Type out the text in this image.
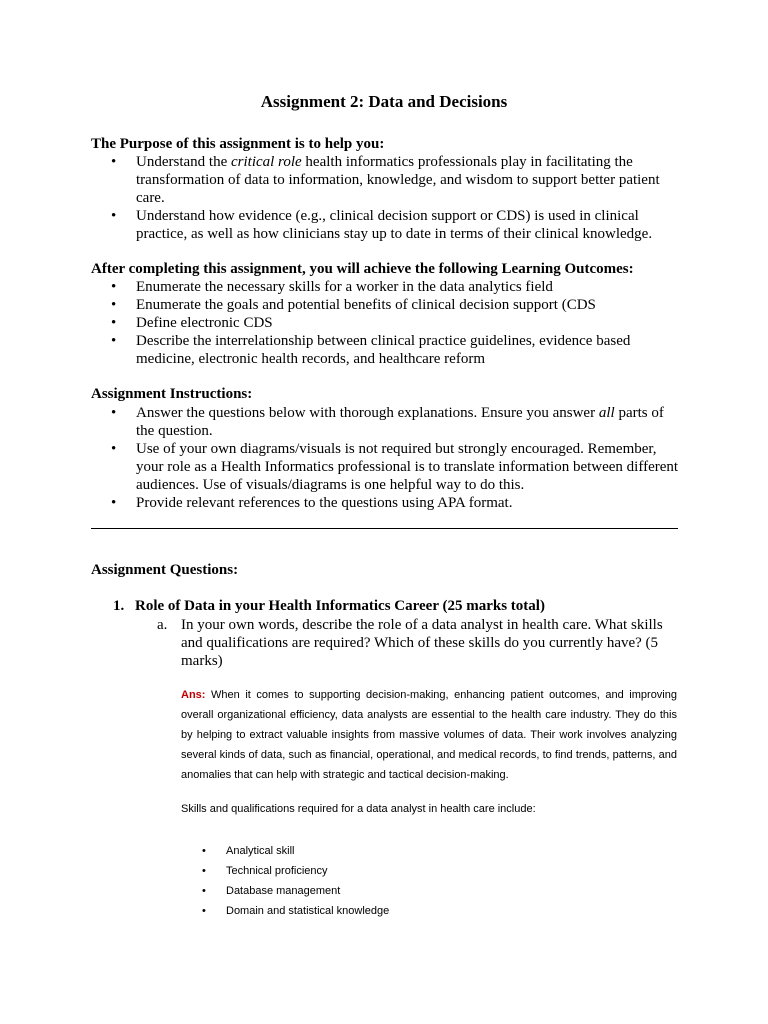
Assignment 2: Data and Decisions
The Purpose of this assignment is to help you:
• Understand the critical role health informatics professionals play in facilitating the transformation of data to information, knowledge, and wisdom to support better patient care.
• Understand how evidence (e.g., clinical decision support or CDS) is used in clinical practice, as well as how clinicians stay up to date in terms of their clinical knowledge.
After completing this assignment, you will achieve the following Learning Outcomes:
• Enumerate the necessary skills for a worker in the data analytics field
• Enumerate the goals and potential benefits of clinical decision support (CDS
• Define electronic CDS
• Describe the interrelationship between clinical practice guidelines, evidence based medicine, electronic health records, and healthcare reform
Assignment Instructions:
• Answer the questions below with thorough explanations. Ensure you answer all parts of the question.
• Use of your own diagrams/visuals is not required but strongly encouraged. Remember, your role as a Health Informatics professional is to translate information between different audiences. Use of visuals/diagrams is one helpful way to do this.
• Provide relevant references to the questions using APA format.
Assignment Questions:
1. Role of Data in your Health Informatics Career (25 marks total)
a. In your own words, describe the role of a data analyst in health care. What skills and qualifications are required? Which of these skills do you currently have? (5 marks)
Ans: When it comes to supporting decision-making, enhancing patient outcomes, and improving overall organizational efficiency, data analysts are essential to the health care industry. They do this by helping to extract valuable insights from massive volumes of data. Their work involves analyzing several kinds of data, such as financial, operational, and medical records, to find trends, patterns, and anomalies that can help with strategic and tactical decision-making.
Skills and qualifications required for a data analyst in health care include:
• Analytical skill
• Technical proficiency
• Database management
• Domain and statistical knowledge
